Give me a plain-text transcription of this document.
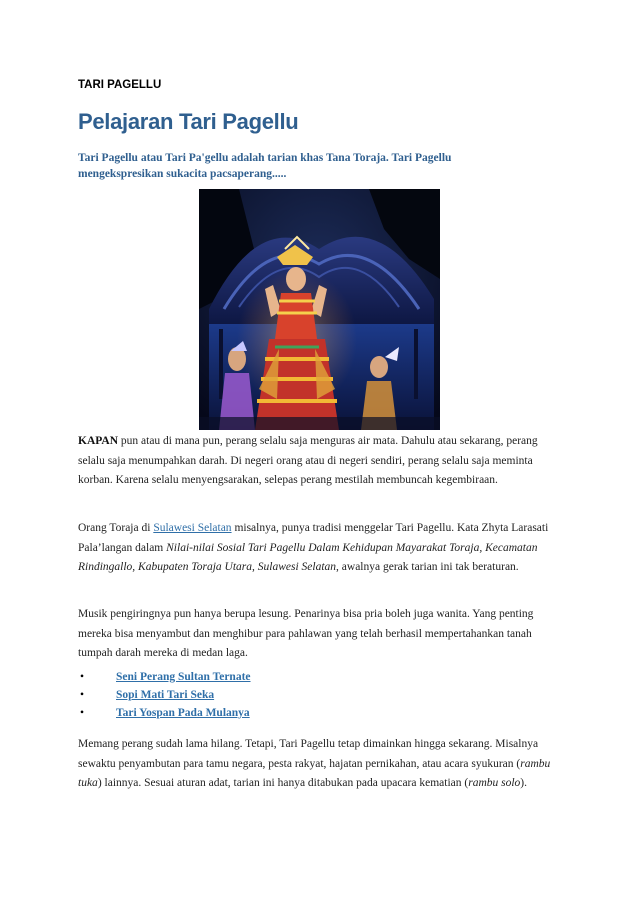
TARI PAGELLU
Pelajaran Tari Pagellu
Tari Pagellu atau Tari Pa'gellu adalah tarian khas Tana Toraja. Tari Pagellu
mengekspresikan sukacita pacsaperang.....
KAPAN pun atau di mana pun, perang selalu saja menguras air mata. Dahulu atau sekarang, perang selalu saja menumpahkan darah. Di negeri orang atau di negeri sendiri, perang selalu saja meminta korban. Karena selalu menyengsarakan, selepas perang mestilah membuncah kegembiraan.
Orang Toraja di Sulawesi Selatan misalnya, punya tradisi menggelar Tari Pagellu. Kata Zhyta Larasati Pala’langan dalam Nilai-nilai Sosial Tari Pagellu Dalam Kehidupan Mayarakat Toraja, Kecamatan Rindingallo, Kabupaten Toraja Utara, Sulawesi Selatan, awalnya gerak tarian ini tak beraturan.
Musik pengiringnya pun hanya berupa lesung. Penarinya bisa pria boleh juga wanita. Yang penting mereka bisa menyambut dan menghibur para pahlawan yang telah berhasil mempertahankan tanah tumpah darah mereka di medan laga.
•	Seni Perang Sultan Ternate
•	Sopi Mati Tari Seka
•	Tari Yospan Pada Mulanya
Memang perang sudah lama hilang. Tetapi, Tari Pagellu tetap dimainkan hingga sekarang. Misalnya sewaktu penyambutan para tamu negara, pesta rakyat, hajatan pernikahan, atau acara syukuran (rambu tuka) lainnya. Sesuai aturan adat, tarian ini hanya ditabukan pada upacara kematian (rambu solo).
